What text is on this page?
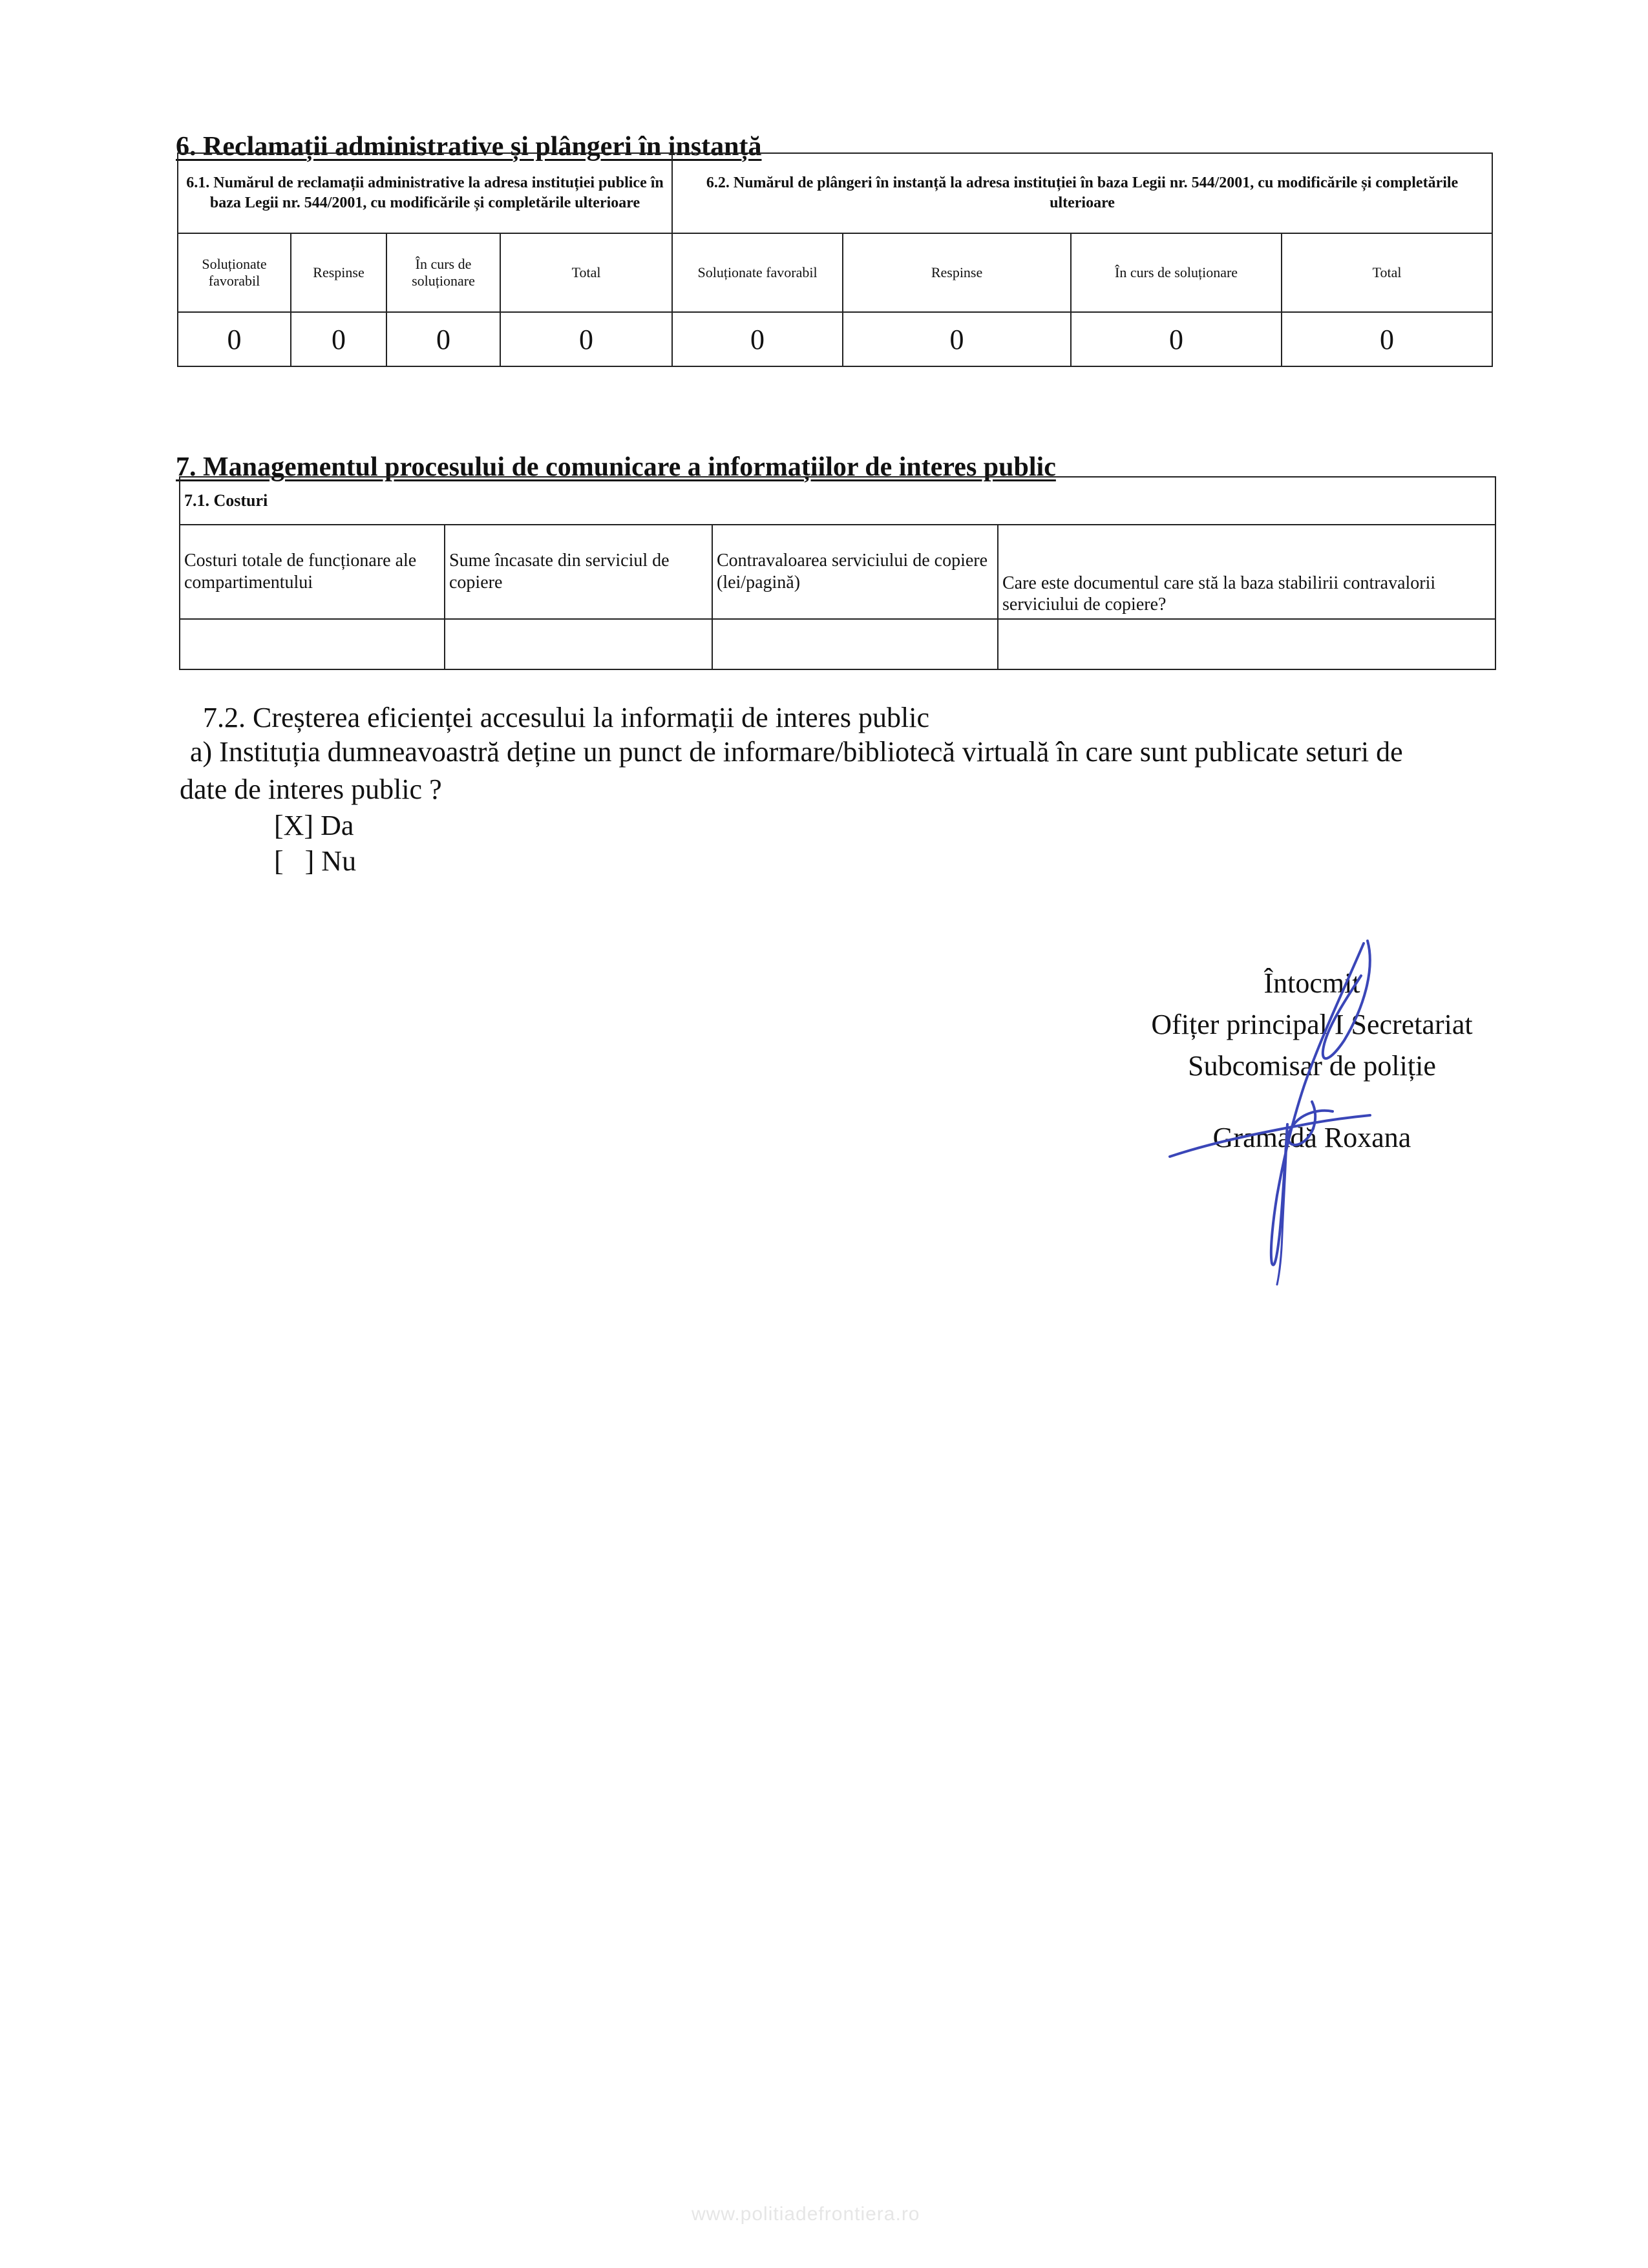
6. Reclamații administrative și plângeri în instanță
6.1. Numărul de reclamații administrative la adresa instituției publice în baza Legii nr. 544/2001, cu modificările și completările ulterioare				6.2. Numărul de plângeri în instanță la adresa instituției în baza Legii nr. 544/2001, cu modificările și completările ulterioare			
Soluționate favorabil	Respinse	În curs de soluționare	Total	Soluționate favorabil	Respinse	În curs de soluționare	Total
0	0	0	0	0	0	0	0
7. Managementul procesului de comunicare a informațiilor de interes public
7.1. Costuri			
Costuri totale de funcționare ale compartimentului	Sume încasate din serviciul de copiere	Contravaloarea serviciului de copiere (lei/pagină)	Care este documentul care stă la baza stabilirii contravalorii serviciului de copiere?

7.2. Creșterea eficienței accesului la informații de interes public
a) Instituția dumneavoastră deține un punct de informare/bibliotecă virtuală în care sunt publicate seturi de
date de interes public ?
[X] Da
[   ] Nu
Întocmit
Ofițer principal I Secretariat
Subcomisar de poliție
Gramadă Roxana
www.politiadefrontiera.ro
